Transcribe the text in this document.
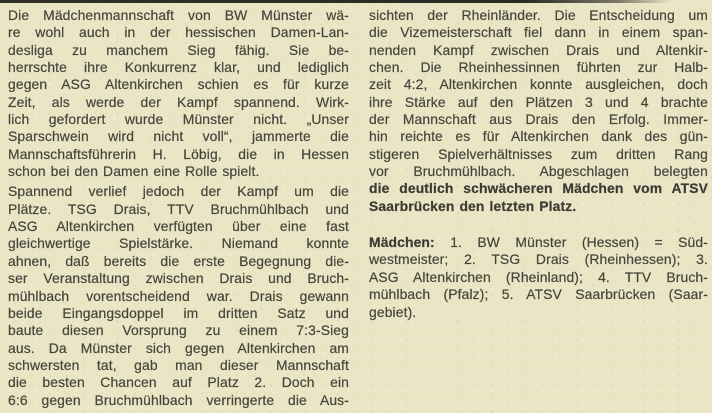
Die Mädchenmannschaft von BW Münster wä-
re wohl auch in der hessischen Damen-Lan-
desliga zu manchem Sieg fähig. Sie be-
herrschte ihre Konkurrenz klar, und lediglich
gegen ASG Altenkirchen schien es für kurze
Zeit, als werde der Kampf spannend. Wirk-
lich gefordert wurde Münster nicht. „Unser
Sparschwein wird nicht voll“, jammerte die
Mannschaftsführerin H. Löbig, die in Hessen
schon bei den Damen eine Rolle spielt.
Spannend verlief jedoch der Kampf um die
Plätze. TSG Drais, TTV Bruchmühlbach und
ASG Altenkirchen verfügten über eine fast
gleichwertige Spielstärke. Niemand konnte
ahnen, daß bereits die erste Begegnung die-
ser Veranstaltung zwischen Drais und Bruch-
mühlbach vorentscheidend war. Drais gewann
beide Eingangsdoppel im dritten Satz und
baute diesen Vorsprung zu einem 7:3-Sieg
aus. Da Münster sich gegen Altenkirchen am
schwersten tat, gab man dieser Mannschaft
die besten Chancen auf Platz 2. Doch ein
6:6 gegen Bruchmühlbach verringerte die Aus-
sichten der Rheinländer. Die Entscheidung um
die Vizemeisterschaft fiel dann in einem span-
nenden Kampf zwischen Drais und Altenkir-
chen. Die Rheinhessinnen führten zur Halb-
zeit 4:2, Altenkirchen konnte ausgleichen, doch
ihre Stärke auf den Plätzen 3 und 4 brachte
der Mannschaft aus Drais den Erfolg. Immer-
hin reichte es für Altenkirchen dank des gün-
stigeren Spielverhältnisses zum dritten Rang
vor Bruchmühlbach. Abgeschlagen belegten
die deutlich schwächeren Mädchen vom ATSV
Saarbrücken den letzten Platz.
Mädchen: 1. BW Münster (Hessen) = Süd-
westmeister; 2. TSG Drais (Rheinhessen); 3.
ASG Altenkirchen (Rheinland); 4. TTV Bruch-
mühlbach (Pfalz); 5. ATSV Saarbrücken (Saar-
gebiet).
